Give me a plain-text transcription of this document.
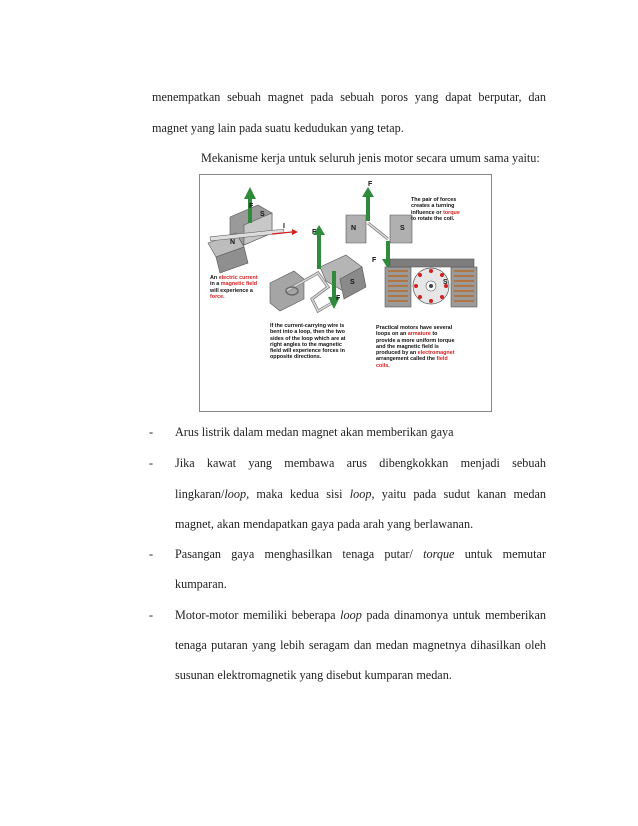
menempatkan sebuah magnet pada sebuah poros yang dapat berputar, dan
magnet yang lain pada suatu kedudukan yang tetap.
Mekanisme kerja untuk seluruh jenis motor secara umum sama yaitu:
F
S
N
I
F
S
F
F
N	S
F
S
An electric current
in a magnetic field
will experience a
force.
If the current-carrying wire is
bent into a loop, then the two
sides of the loop which are at
right angles to the magnetic
field will experience forces in
opposite directions.
The pair of forces
creates a turning
influence or torque
to rotate the coil.
Practical motors have several
loops on an armature to
provide a more uniform torque
and the magnetic field is
produced by an electromagnet
arrangement called the field
coils.
- Arus listrik dalam medan magnet akan memberikan gaya
- Jika kawat yang membawa arus dibengkokkan menjadi sebuah
lingkaran/loop, maka kedua sisi loop, yaitu pada sudut kanan medan
magnet, akan mendapatkan gaya pada arah yang berlawanan.
- Pasangan gaya menghasilkan tenaga putar/ torque untuk memutar
kumparan.
- Motor-motor memiliki beberapa loop pada dinamonya untuk memberikan
tenaga putaran yang lebih seragam dan medan magnetnya dihasilkan oleh
susunan elektromagnetik yang disebut kumparan medan.
